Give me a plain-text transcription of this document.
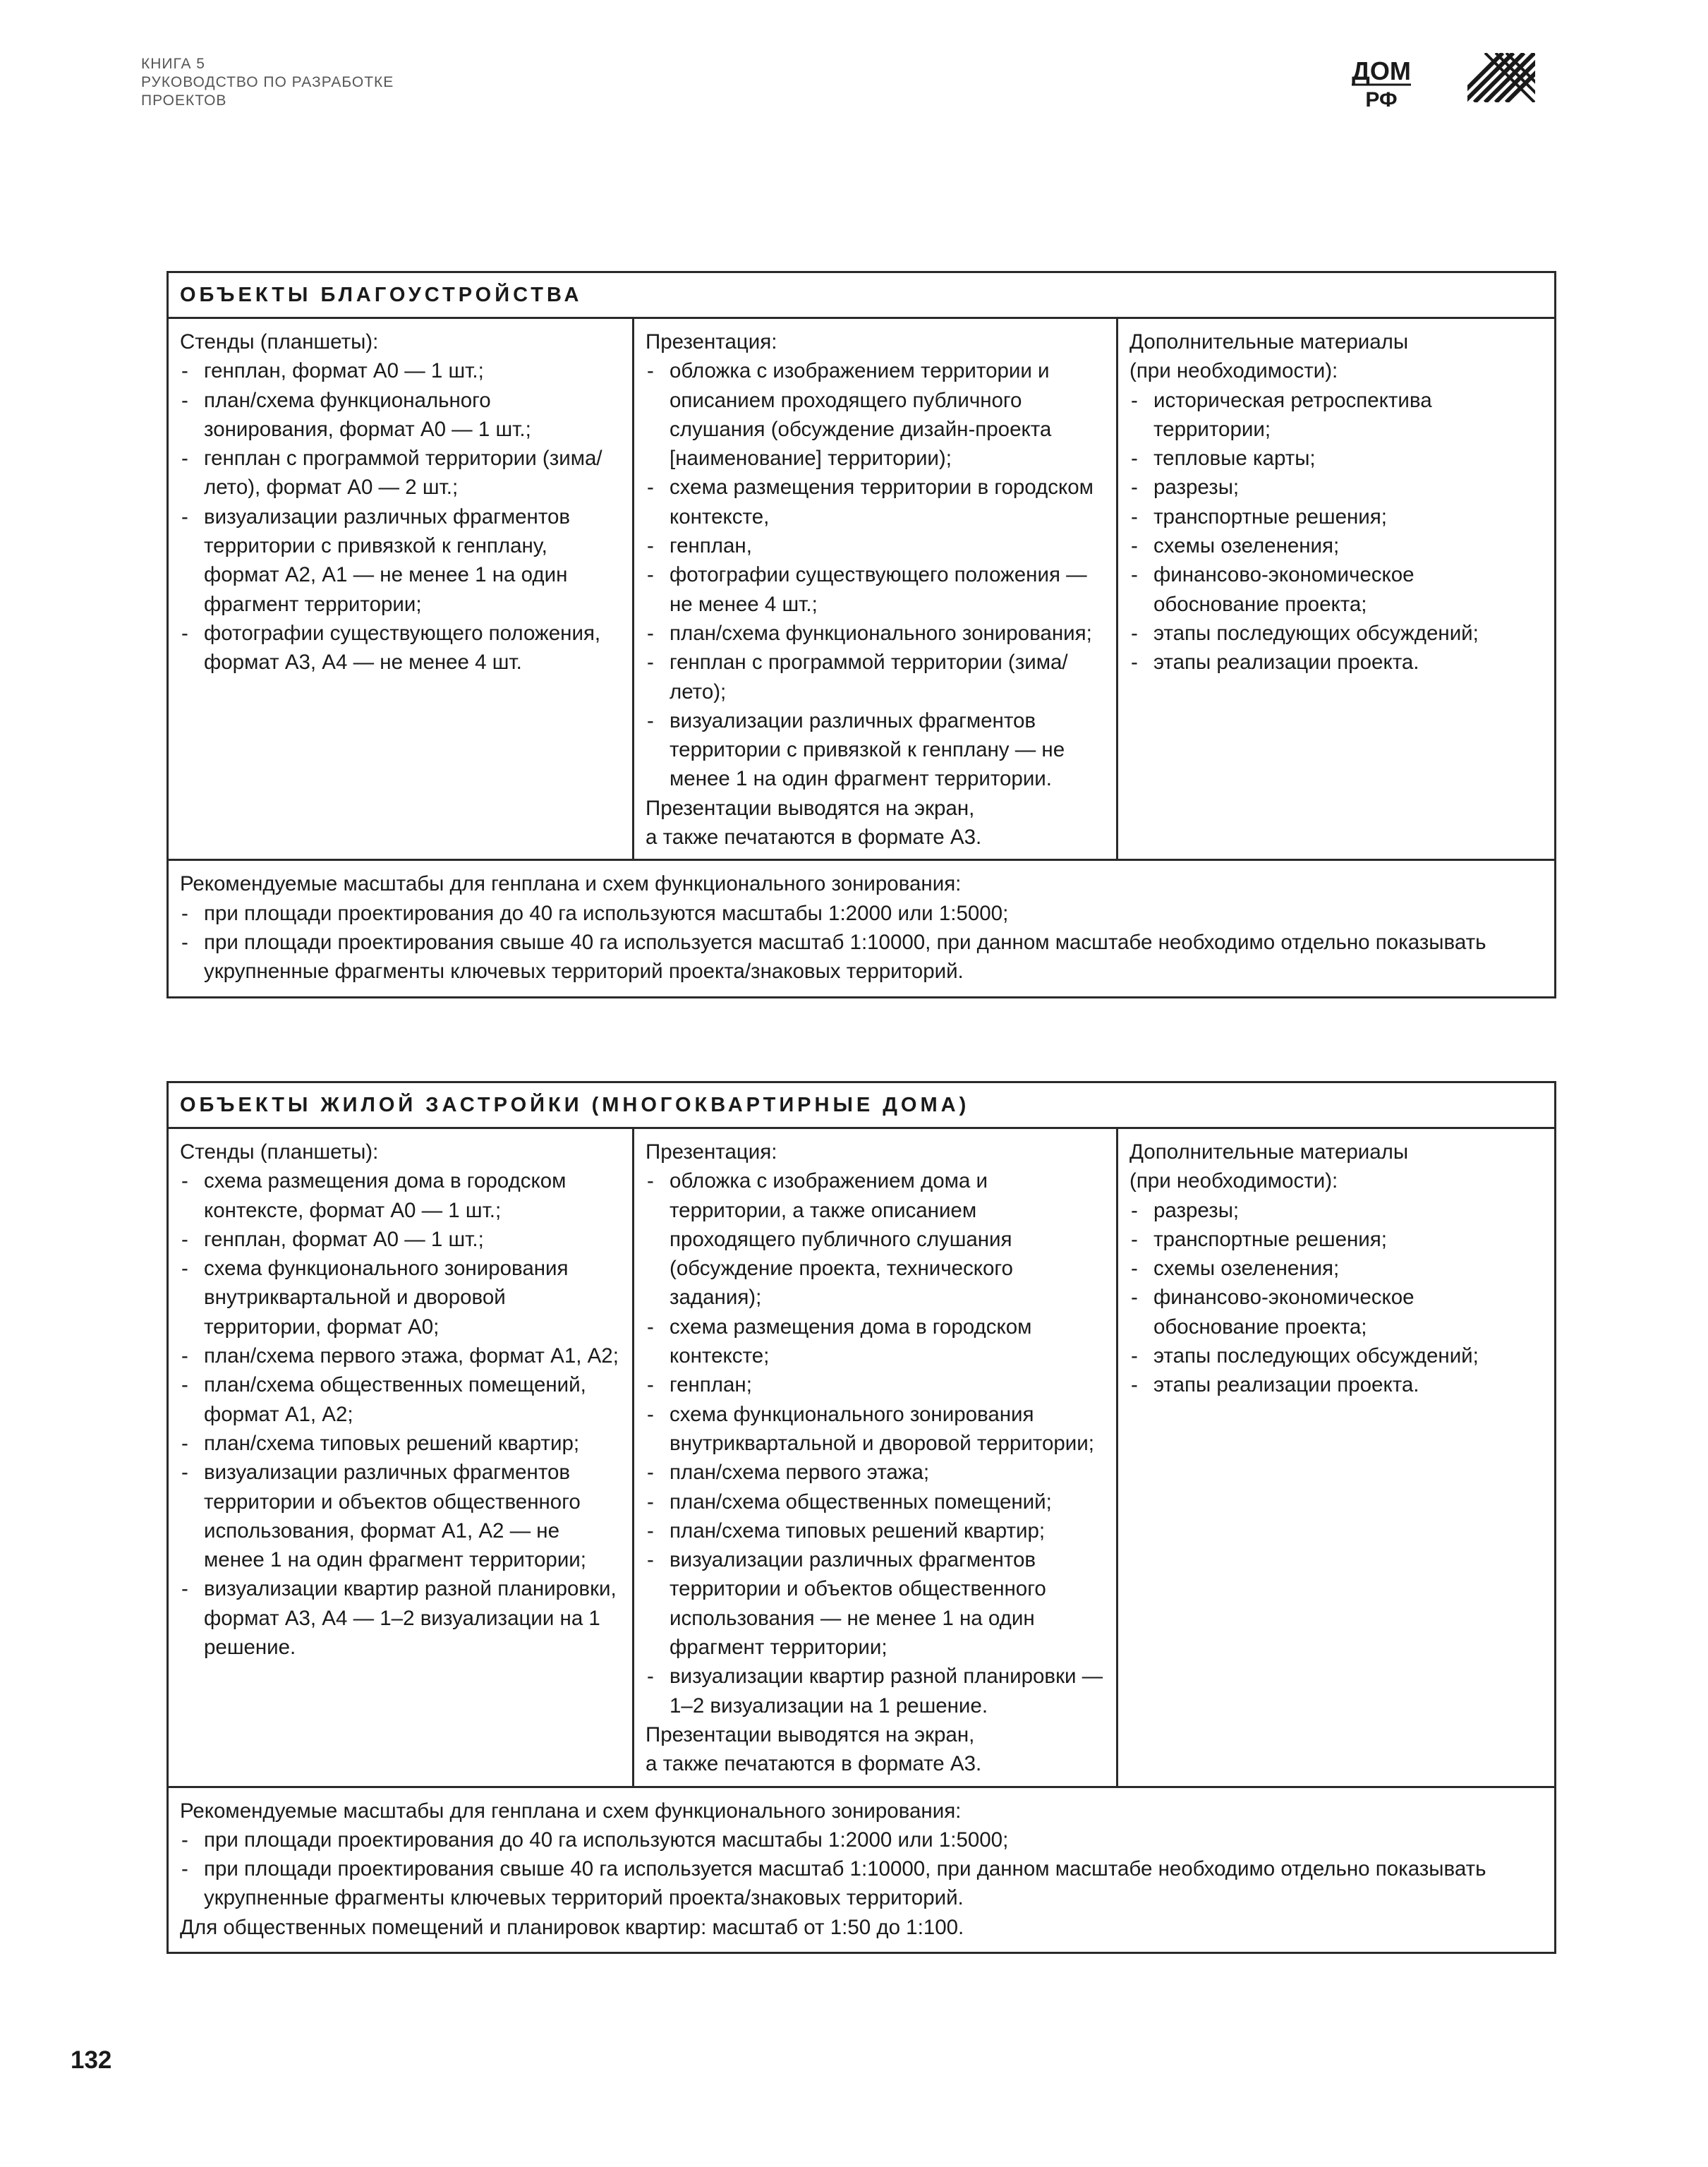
КНИГА 5
РУКОВОДСТВО ПО РАЗРАБОТКЕ
ПРОЕКТОВ
ДОМ
РФ
ОБЪЕКТЫ БЛАГОУСТРОЙСТВА
Стенды (планшеты):
- генплан, формат А0 — 1 шт.;
- план/схема функционального зонирования, формат А0 — 1 шт.;
- генплан с программой территории (зима/лето), формат А0 — 2 шт.;
- визуализации различных фрагментов территории с привязкой к генплану, формат А2, А1 — не менее 1 на один фрагмент территории;
- фотографии существующего положения, формат А3, А4 — не менее 4 шт.
Презентация:
- обложка с изображением территории и описанием проходящего публичного слушания (обсуждение дизайн-проекта [наименование] территории);
- схема размещения территории в городском контексте,
- генплан,
- фотографии существующего положения — не менее 4 шт.;
- план/схема функционального зонирования;
- генплан с программой территории (зима/лето);
- визуализации различных фрагментов территории с привязкой к генплану — не менее 1 на один фрагмент территории.
Презентации выводятся на экран,
а также печатаются в формате А3.
Дополнительные материалы
(при необходимости):
- историческая ретроспектива территории;
- тепловые карты;
- разрезы;
- транспортные решения;
- схемы озеленения;
- финансово-экономическое обоснование проекта;
- этапы последующих обсуждений;
- этапы реализации проекта.
Рекомендуемые масштабы для генплана и схем функционального зонирования:
- при площади проектирования до 40 га используются масштабы 1:2000 или 1:5000;
- при площади проектирования свыше 40 га используется масштаб 1:10000, при данном масштабе необходимо отдельно показывать укрупненные фрагменты ключевых территорий проекта/знаковых территорий.
ОБЪЕКТЫ ЖИЛОЙ ЗАСТРОЙКИ (МНОГОКВАРТИРНЫЕ ДОМА)
Стенды (планшеты):
- схема размещения дома в городском контексте, формат А0 — 1 шт.;
- генплан, формат А0 — 1 шт.;
- схема функционального зонирования внутриквартальной и дворовой территории, формат А0;
- план/схема первого этажа, формат А1, А2;
- план/схема общественных помещений, формат А1, А2;
- план/схема типовых решений квартир;
- визуализации различных фрагментов территории и объектов общественного использования, формат А1, А2 — не менее 1 на один фрагмент территории;
- визуализации квартир разной планировки, формат А3, А4 — 1–2 визуализации на 1 решение.
Презентация:
- обложка с изображением дома и территории, а также описанием проходящего публичного слушания (обсуждение проекта, технического задания);
- схема размещения дома в городском контексте;
- генплан;
- схема функционального зонирования внутриквартальной и дворовой территории;
- план/схема первого этажа;
- план/схема общественных помещений;
- план/схема типовых решений квартир;
- визуализации различных фрагментов территории и объектов общественного использования — не менее 1 на один фрагмент территории;
- визуализации квартир разной планировки — 1–2 визуализации на 1 решение.
Презентации выводятся на экран,
а также печатаются в формате А3.
Дополнительные материалы
(при необходимости):
- разрезы;
- транспортные решения;
- схемы озеленения;
- финансово-экономическое обоснование проекта;
- этапы последующих обсуждений;
- этапы реализации проекта.
Рекомендуемые масштабы для генплана и схем функционального зонирования:
- при площади проектирования до 40 га используются масштабы 1:2000 или 1:5000;
- при площади проектирования свыше 40 га используется масштаб 1:10000, при данном масштабе необходимо отдельно показывать укрупненные фрагменты ключевых территорий проекта/знаковых территорий.
Для общественных помещений и планировок квартир: масштаб от 1:50 до 1:100.
132
